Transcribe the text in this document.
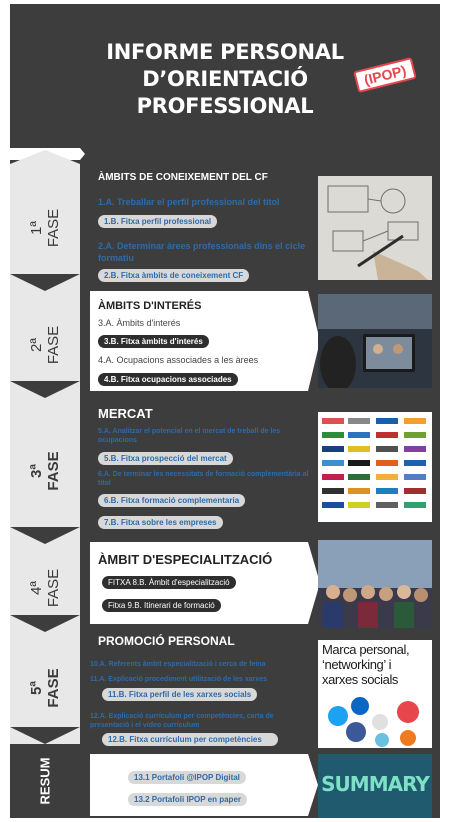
INFORME PERSONAL
D’ORIENTACIÓ
PROFESSIONAL
(IPOP)
1ª
FASE
ÀMBITS DE CONEIXEMENT DEL CF
1.A. Treballar el perfil professional del títol
1.B. Fitxa perfil professional
2.A. Determinar àrees professionals dins el cicle formatiu
2.B. Fitxa àmbits de coneixement CF
2ª
FASE
ÀMBITS D'INTERÉS
3.A. Àmbits d'interés
3.B. Fitxa àmbits d'interés
4.A. Ocupacions associades a les àrees
4.B. Fitxa ocupacions associades
3ª
FASE
MERCAT
5.A. Analitzar el potencial en el mercat de treball de les ocupacions
5.B. Fitxa prospecció del mercat
6.A. De terminar les necessitats de formació complementària al títol
6.B. Fitxa formació complementaria
7.B. Fitxa sobre les empreses
4ª
FASE
ÀMBIT D'ESPECIALITZACIÓ
FITXA 8.B. Àmbit d'especialització
Fitxa 9.B. Itinerari de formació
5ª
FASE
PROMOCIÓ PERSONAL
10.A. Referents àmbit especialització i cerca de feina
11.A. Explicació procediment utilització de les xarxes
11.B. Fitxa perfil de les xarxes socials
12.A. Explicació currículum per competències, carta de presentació i el vídeo currículum
12.B. Fitxa currículum per competències
Marca personal,
‘networking’ i
xarxes socials
RESUM	13.1 Portafoli @IPOP Digital
13.2 Portafoli IPOP en paper
SUMMARY
